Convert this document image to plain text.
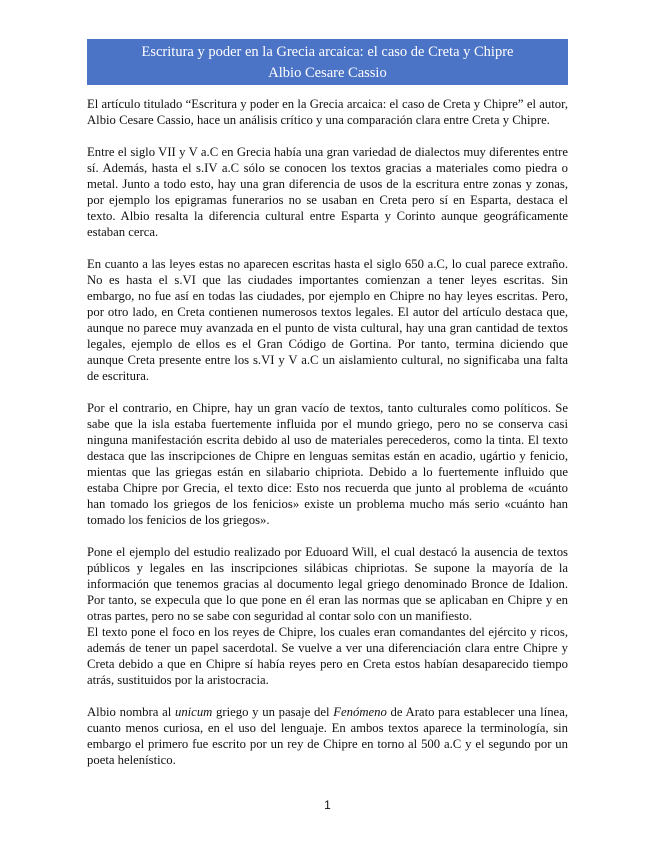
Escritura y poder en la Grecia arcaica: el caso de Creta y Chipre
Albio Cesare Cassio

El artículo titulado “Escritura y poder en la Grecia arcaica: el caso de Creta y Chipre” el autor, Albio Cesare Cassio, hace un análisis crítico y una comparación clara entre Creta y Chipre.

Entre el siglo VII y V a.C en Grecia había una gran variedad de dialectos muy diferentes entre sí. Además, hasta el s.IV a.C sólo se conocen los textos gracias a materiales como piedra o metal. Junto a todo esto, hay una gran diferencia de usos de la escritura entre zonas y zonas, por ejemplo los epigramas funerarios no se usaban en Creta pero sí en Esparta, destaca el texto. Albio resalta la diferencia cultural entre Esparta y Corinto aunque geográficamente estaban cerca.

En cuanto a las leyes estas no aparecen escritas hasta el siglo 650 a.C, lo cual parece extraño. No es hasta el s.VI que las ciudades importantes comienzan a tener leyes escritas. Sin embargo, no fue así en todas las ciudades, por ejemplo en Chipre no hay leyes escritas. Pero, por otro lado, en Creta contienen numerosos textos legales. El autor del artículo destaca que, aunque no parece muy avanzada en el punto de vista cultural, hay una gran cantidad de textos legales, ejemplo de ellos es el Gran Código de Gortina. Por tanto, termina diciendo que aunque Creta presente entre los s.VI y V a.C un aislamiento cultural, no significaba una falta de escritura.

Por el contrario, en Chipre, hay un gran vacío de textos, tanto culturales como políticos. Se sabe que la isla estaba fuertemente influida por el mundo griego, pero no se conserva casi ninguna manifestación escrita debido al uso de materiales perecederos, como la tinta. El texto destaca que las inscripciones de Chipre en lenguas semitas están en acadio, ugártio y fenicio, mientas que las griegas están en silabario chipriota. Debido a lo fuertemente influido que estaba Chipre por Grecia, el texto dice: Esto nos recuerda que junto al problema de «cuánto han tomado los griegos de los fenicios» existe un problema mucho más serio «cuánto han tomado los fenicios de los griegos».

Pone el ejemplo del estudio realizado por Eduoard Will, el cual destacó la ausencia de textos públicos y legales en las inscripciones silábicas chipriotas. Se supone la mayoría de la información que tenemos gracias al documento legal griego denominado Bronce de Idalion. Por tanto, se expecula que lo que pone en él eran las normas que se aplicaban en Chipre y en otras partes, pero no se sabe con seguridad al contar solo con un manifiesto.

El texto pone el foco en los reyes de Chipre, los cuales eran comandantes del ejército y ricos, además de tener un papel sacerdotal. Se vuelve a ver una diferenciación clara entre Chipre y Creta debido a que en Chipre sí había reyes pero en Creta estos habían desaparecido tiempo atrás, sustituidos por la aristocracia.

Albio nombra al unicum griego y un pasaje del Fenómeno de Arato para establecer una línea, cuanto menos curiosa, en el uso del lenguaje. En ambos textos aparece la terminología, sin embargo el primero fue escrito por un rey de Chipre en torno al 500 a.C y el segundo por un poeta helenístico.

1
